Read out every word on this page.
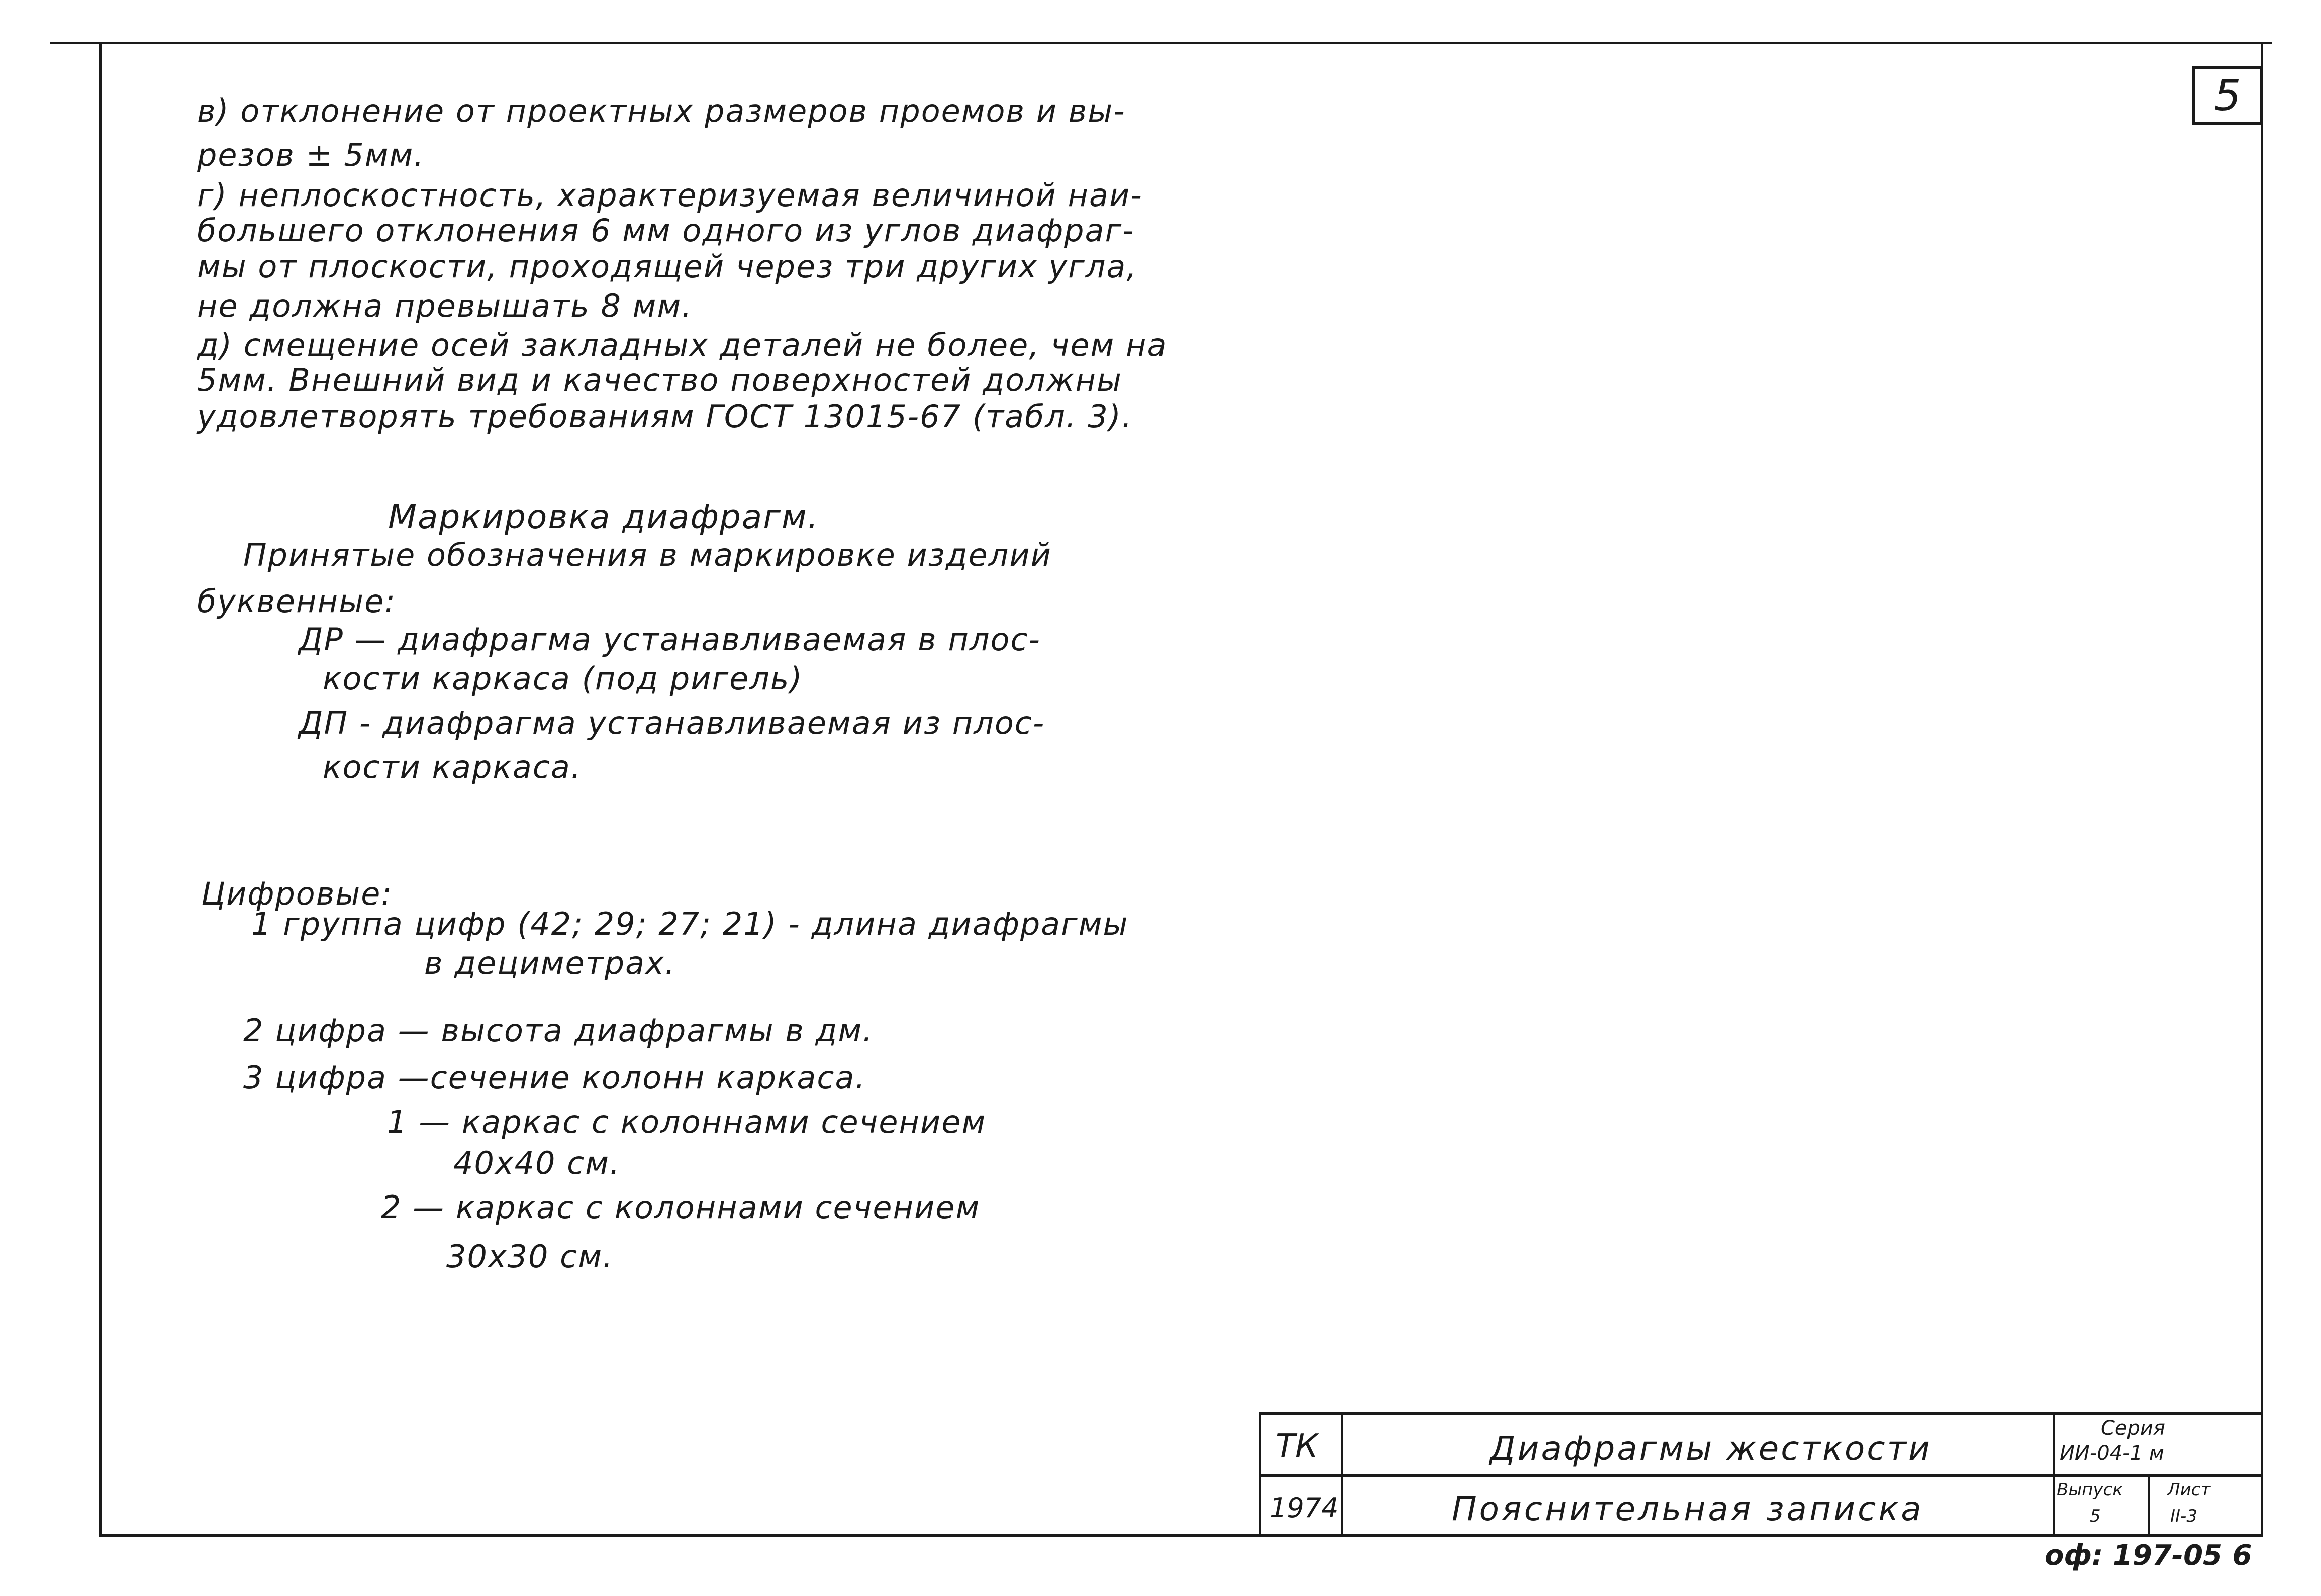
5
в) отклонение от проектных размеров проемов и вы-
резов ± 5мм.
г) неплоскостность, характеризуемая величиной наи-
большего отклонения 6 мм одного из углов диафраг-
мы от плоскости, проходящей через три других угла,
не должна превышать 8 мм.
д) смещение осей закладных деталей не более, чем на
5мм. Внешний вид и качество поверхностей должны
удовлетворять требованиям ГОСТ 13015-67 (табл. 3).
Маркировка диафрагм.
Принятые обозначения в маркировке изделий
буквенные:
ДР — диафрагма устанавливаемая в плос-
кости каркаса (под ригель)
ДП - диафрагма устанавливаемая из плос-
кости каркаса.
Цифровые:
1 группа цифр (42; 29; 27; 21) - длина диафрагмы
в дециметрах.
2 цифра — высота диафрагмы в дм.
3 цифра —сечение колонн каркаса.
1 — каркас с колоннами сечением
40x40 см.
2 — каркас с колоннами сечением
30x30 см.
ТК
1974
Диафрагмы жесткости
Пояснительная записка
Серия
ИИ-04-1 м
Выпуск
5
Лист
II-3
оф: 197-05 6
